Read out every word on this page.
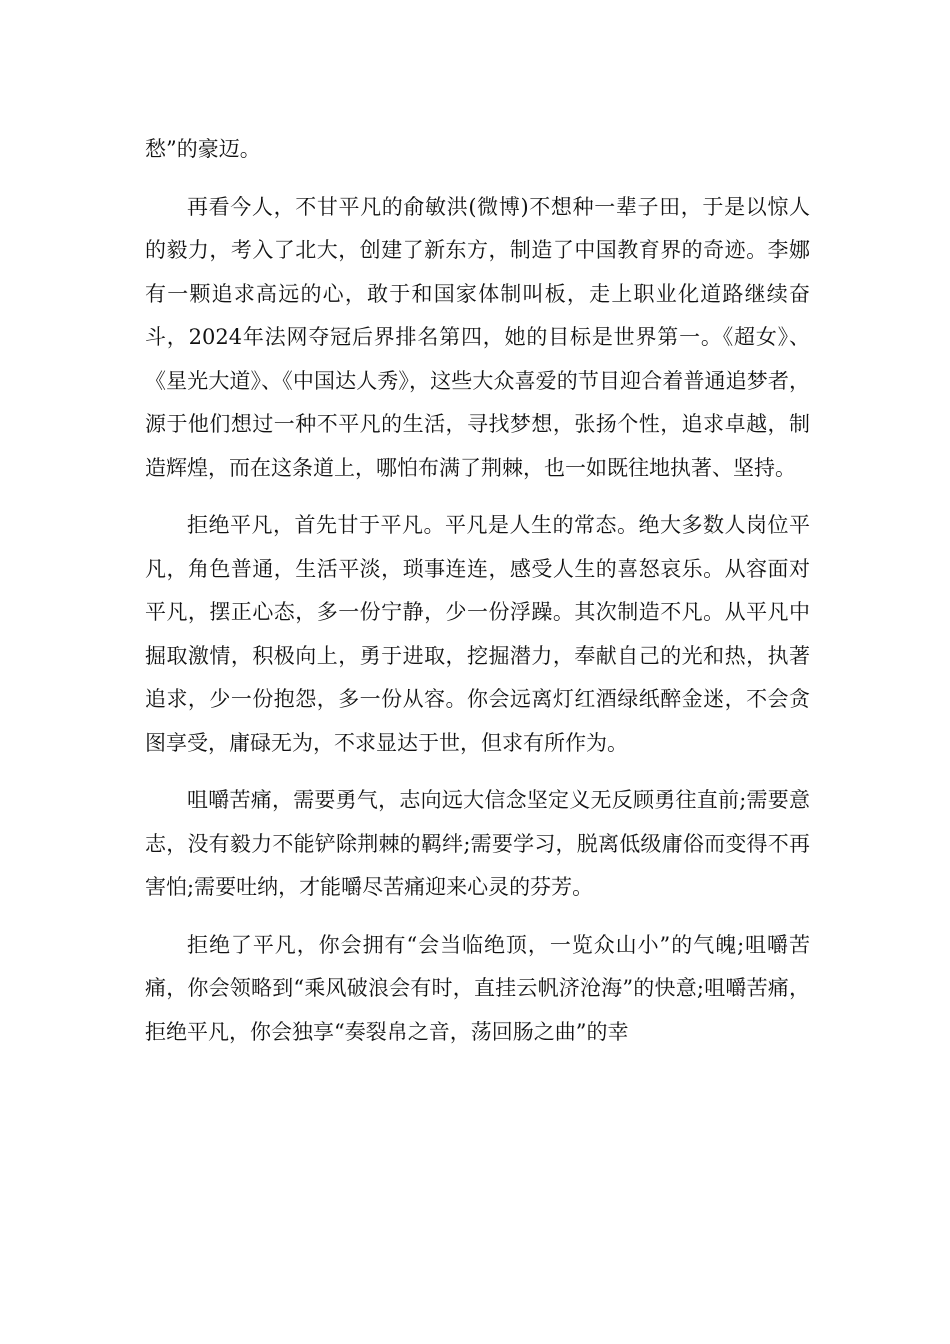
愁”的豪迈。

再看今人，不甘平凡的俞敏洪(微博)不想种一辈子田，于是以惊人的毅力，考入了北大，创建了新东方，制造了中国教育界的奇迹。李娜有一颗追求高远的心，敢于和国家体制叫板，走上职业化道路继续奋斗，2024年法网夺冠后界排名第四，她的目标是世界第一。《超女》、《星光大道》、《中国达人秀》，这些大众喜爱的节目迎合着普通追梦者，源于他们想过一种不平凡的生活，寻找梦想，张扬个性，追求卓越，制造辉煌，而在这条道上，哪怕布满了荆棘，也一如既往地执著、坚持。

拒绝平凡，首先甘于平凡。平凡是人生的常态。绝大多数人岗位平凡，角色普通，生活平淡，琐事连连，感受人生的喜怒哀乐。从容面对平凡，摆正心态，多一份宁静，少一份浮躁。其次制造不凡。从平凡中掘取激情，积极向上，勇于进取，挖掘潜力，奉献自己的光和热，执著追求，少一份抱怨，多一份从容。你会远离灯红酒绿纸醉金迷，不会贪图享受，庸碌无为，不求显达于世，但求有所作为。

咀嚼苦痛，需要勇气，志向远大信念坚定义无反顾勇往直前;需要意志，没有毅力不能铲除荆棘的羁绊;需要学习，脱离低级庸俗而变得不再害怕;需要吐纳，才能嚼尽苦痛迎来心灵的芬芳。

拒绝了平凡，你会拥有“会当临绝顶，一览众山小”的气魄;咀嚼苦痛，你会领略到“乘风破浪会有时，直挂云帆济沧海”的快意;咀嚼苦痛，拒绝平凡，你会独享“奏裂帛之音，荡回肠之曲”的幸
